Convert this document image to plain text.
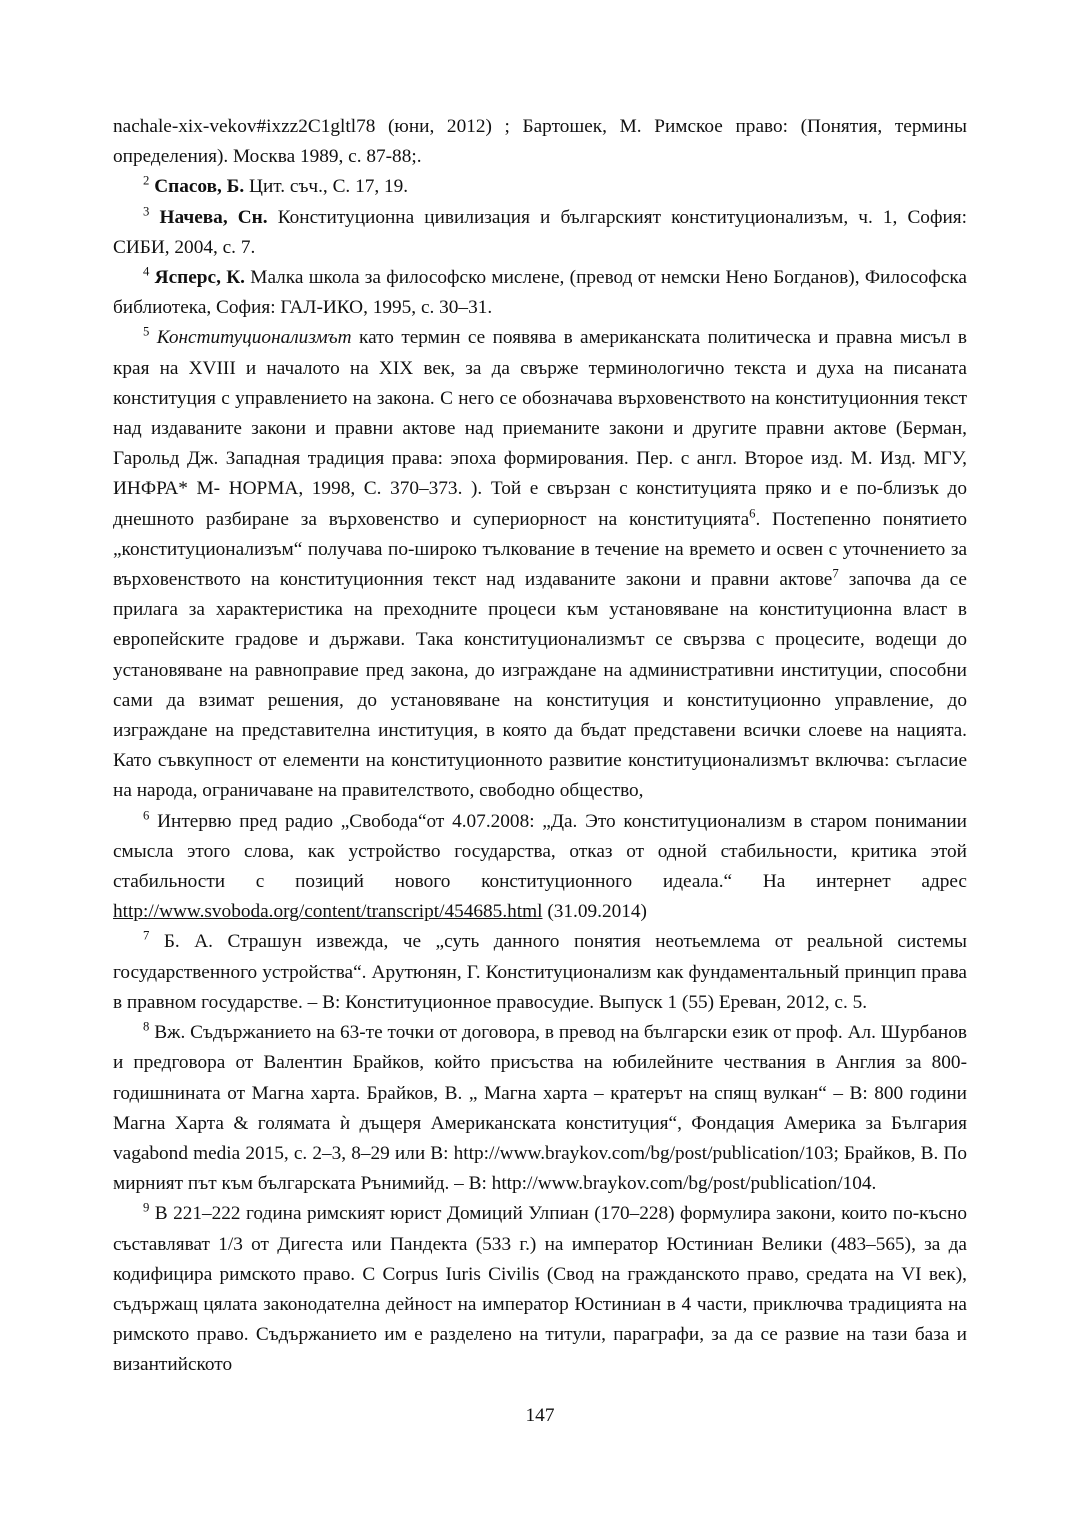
nachale-xix-vekov#ixzz2C1gltl78 (юни, 2012) ; Бартошек, М. Римское право: (Понятия, термины определения). Москва 1989, с. 87-88;.

$^2$ Спасов, Б. Цит. съч., С. 17, 19.

$^3$ Начева, Сн. Конституционна цивилизация и българският конституционализъм, ч. 1, София: СИБИ, 2004, с. 7.

$^4$ Ясперс, К. Малка школа за философско мислене, (превод от немски Нено Богданов), Философска библиотека, София: ГАЛ-ИКО, 1995, с. 30–31.

$^5$ Конституционализмът като термин се появява в американската политическа и правна мисъл в края на XVIII и началото на XIX век, за да свърже терминологично текста и духа на писаната конституция с управлението на закона. С него се обозначава върховенството на конституционния текст над издаваните закони и правни актове над приеманите закони и другите правни актове (Берман, Гарольд Дж. Западная традиция права: эпоха формирования. Пер. с англ. Второе изд. М. Изд. МГУ, ИНФРА* М- НОРМА, 1998, С. 370–373. ). Той е свързан с конституцията пряко и е по-близък до днешното разбиране за върховенство и супериорност на конституцията$^6$. Постепенно понятието „конституционализъм“ получава по-широко тълкование в течение на времето и освен с уточнението за върховенството на конституционния текст над издаваните закони и правни актове$^7$ започва да се прилага за характеристика на преходните процеси към установяване на конституционна власт в европейските градове и държави. Така конституционализмът се свързва с процесите, водещи до установяване на равноправие пред закона, до изграждане на административни институции, способни сами да взимат решения, до установяване на конституция и конституционно управление, до изграждане на представителна институция, в която да бъдат представени всички слоеве на нацията. Като съвкупност от елементи на конституционното развитие конституционализмът включва: съгласие на народа, ограничаване на правителството, свободно общество,

$^6$ Интервю пред радио „Свобода“от 4.07.2008: „Да. Это конституционализм в старом понимании смысла этого слова, как устройство государства, отказ от одной стабильности, критика этой стабильности с позиций нового конституционного идеала.“ На интернет адрес http://www.svoboda.org/content/transcript/454685.html (31.09.2014)

$^7$ Б. А. Страшун извежда, че „суть данного понятия неотьемлема от реальной системы государственного устройства“. Арутюнян, Г. Конституционализм как фундаментальный принцип права в правном государстве. – В: Конституционное правосудие. Выпуск 1 (55) Ереван, 2012, с. 5.

$^8$ Вж. Съдържанието на 63-те точки от договора, в превод на български език от проф. Ал. Шурбанов и предговора от Валентин Брайков, който присъства на юбилейните чествания в Англия за 800-годишнината от Магна харта. Брайков, В. „ Магна харта – кратерът на спящ вулкан“ – В: 800 години Магна Харта & голямата ѝ дъщеря Американската конституция“, Фондация Америка за България vagabond media 2015, с. 2–3, 8–29 или В: http://www.braykov.com/bg/post/publication/103; Брайков, В. По мирният път към българската Рънимийд. – В: http://www.braykov.com/bg/post/publication/104.

$^9$ В 221–222 година римският юрист Домиций Улпиан (170–228) формулира закони, които по-късно съставляват 1/3 от Дигеста или Пандекта (533 г.) на император Юстиниан Велики (483–565), за да кодифицира римското право. С Corpus Iuris Civilis (Свод на гражданското право, средата на VI век), съдържащ цялата законодателна дейност на император Юстиниан в 4 части, приключва традицията на римското право. Съдържанието им е разделено на титули, параграфи, за да се развие на тази база и византийското

147
